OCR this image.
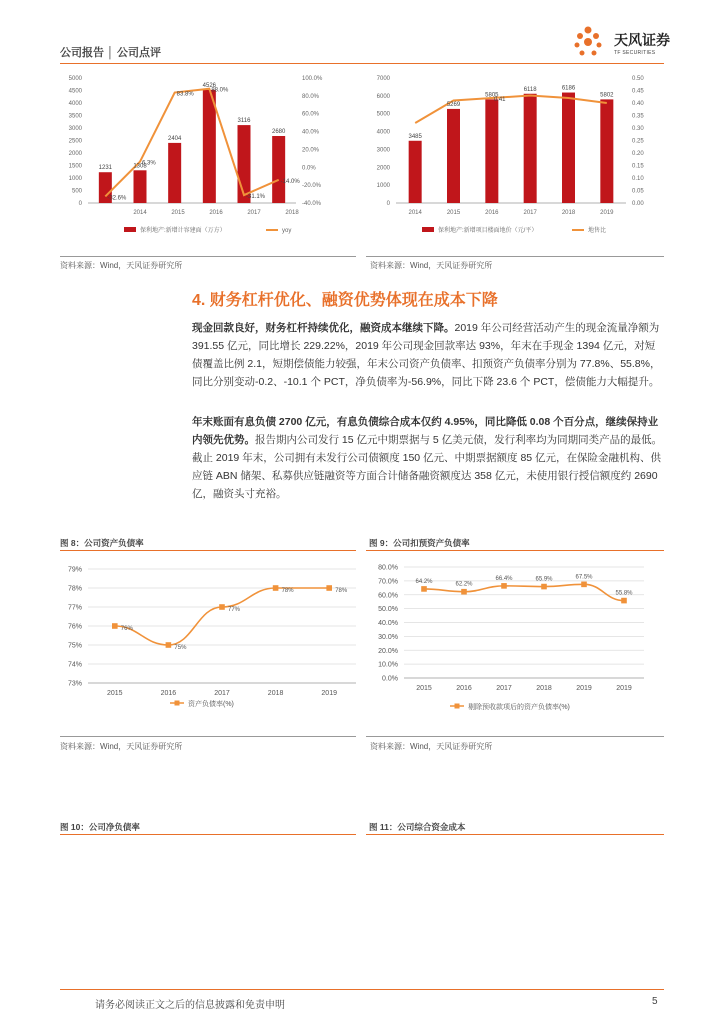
公司报告 │ 公司点评
天风证券
TF SECURITIES
5000
4500
4000
3500
3000
2500
2000
1500
1000
500
0
100.0%
80.0%
60.0%
40.0%
20.0%
0.0%
-20.0%
-40.0%
2014	2015	2016	2017	2018
1231	1308
2404
4526
3116
2680
-32.6%
6.3%
83.8%
88.0%
-31.1%
-14.0%
保利地产:新增计容建面（万方）	yoy
7000
6000
5000
4000
3000
2000
1000
0
0.50
0.45
0.40
0.35
0.30
0.25
0.20
0.15
0.10
0.05
0.00
2014	2015	2016	2017	2018	2019
3485
5269
5805
6118	6186
5802
0.41
保利地产:新增项目楼面地价（元/平）	地售比
资料来源：Wind，天风证券研究所	资料来源：Wind，天风证券研究所
4. 财务杠杆优化、融资优势体现在成本下降
现金回款良好，财务杠杆持续优化，融资成本继续下降。2019 年公司经营活动产生的现金流量净额为 391.55 亿元，同比增长 229.22%，2019 年公司现金回款率达 93%，年末在手现金 1394 亿元，对短债覆盖比例 2.1，短期偿债能力较强，年末公司资产负债率、扣预资产负债率分别为 77.8%、55.8%，同比分别变动-0.2、-10.1 个 PCT，净负债率为-56.9%，同比下降 23.6 个 PCT，偿债能力大幅提升。
年末账面有息负债 2700 亿元，有息负债综合成本仅约 4.95%，同比降低 0.08 个百分点，继续保持业内领先优势。报告期内公司发行 15 亿元中期票据与 5 亿美元债，发行利率均为同期同类产品的最低。截止 2019 年末，公司拥有未发行公司债额度 150 亿元、中期票据额度 85 亿元，在保险金融机构、供应链 ABN 储架、私募供应链融资等方面合计储备融资额度达 358 亿元，未使用银行授信额度约 2690 亿，融资头寸充裕。
图 8：公司资产负债率	图 9：公司扣预资产负债率
79%
78%
77%
76%
75%
74%
73%
2015	2016	2017	2018	2019
76%
75%
77%
78%	78%
资产负债率(%)
80.0%
70.0%
60.0%
50.0%
40.0%
30.0%
20.0%
10.0%
0.0%
2015	2016	2017	2018	2019	2019
64.2%	62.2%
66.4%	65.9%	67.5%
55.8%
剔除预收款项后的资产负债率(%)
资料来源：Wind，天风证券研究所	资料来源：Wind，天风证券研究所
图 10：公司净负债率	图 11：公司综合资金成本
请务必阅读正文之后的信息披露和免责申明	5
